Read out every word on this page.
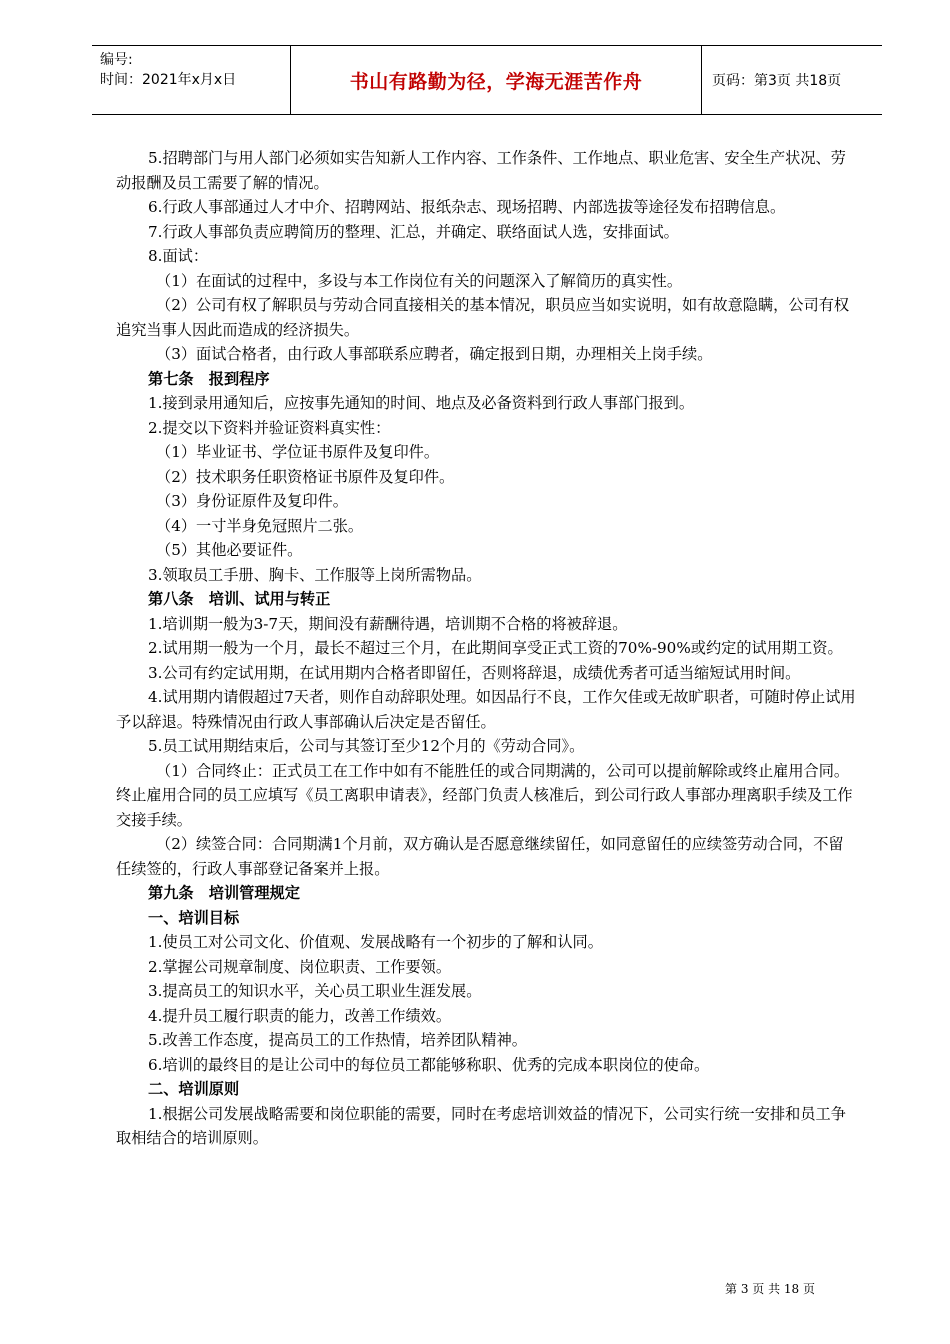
编号:
时间：2021年x月x日	书山有路勤为径，学海无涯苦作舟	页码：第3页 共18页

5.招聘部门与用人部门必须如实告知新人工作内容、工作条件、工作地点、职业危害、安全生产状况、劳动报酬及员工需要了解的情况。

6.行政人事部通过人才中介、招聘网站、报纸杂志、现场招聘、内部选拔等途径发布招聘信息。

7.行政人事部负责应聘简历的整理、汇总，并确定、联络面试人选，安排面试。

8.面试：

（1）在面试的过程中，多设与本工作岗位有关的问题深入了解简历的真实性。

（2）公司有权了解职员与劳动合同直接相关的基本情况，职员应当如实说明，如有故意隐瞒，公司有权追究当事人因此而造成的经济损失。

（3）面试合格者，由行政人事部联系应聘者，确定报到日期，办理相关上岗手续。

第七条　报到程序

1.接到录用通知后，应按事先通知的时间、地点及必备资料到行政人事部门报到。

2.提交以下资料并验证资料真实性：

（1）毕业证书、学位证书原件及复印件。

（2）技术职务任职资格证书原件及复印件。

（3）身份证原件及复印件。

（4）一寸半身免冠照片二张。

（5）其他必要证件。

3.领取员工手册、胸卡、工作服等上岗所需物品。

第八条　培训、试用与转正

1.培训期一般为3-7天，期间没有薪酬待遇，培训期不合格的将被辞退。

2.试用期一般为一个月，最长不超过三个月，在此期间享受正式工资的70%-90%或约定的试用期工资。

3.公司有约定试用期，在试用期内合格者即留任，否则将辞退，成绩优秀者可适当缩短试用时间。

4.试用期内请假超过7天者，则作自动辞职处理。如因品行不良，工作欠佳或无故旷职者，可随时停止试用予以辞退。特殊情况由行政人事部确认后决定是否留任。

5.员工试用期结束后，公司与其签订至少12个月的《劳动合同》。

（1）合同终止：正式员工在工作中如有不能胜任的或合同期满的，公司可以提前解除或终止雇用合同。终止雇用合同的员工应填写《员工离职申请表》，经部门负责人核准后，到公司行政人事部办理离职手续及工作交接手续。

（2）续签合同：合同期满1个月前，双方确认是否愿意继续留任，如同意留任的应续签劳动合同，不留任续签的，行政人事部登记备案并上报。

第九条　培训管理规定

一、培训目标

1.使员工对公司文化、价值观、发展战略有一个初步的了解和认同。

2.掌握公司规章制度、岗位职责、工作要领。

3.提高员工的知识水平，关心员工职业生涯发展。

4.提升员工履行职责的能力，改善工作绩效。

5.改善工作态度，提高员工的工作热情，培养团队精神。

6.培训的最终目的是让公司中的每位员工都能够称职、优秀的完成本职岗位的使命。

二、培训原则

1.根据公司发展战略需要和岗位职能的需要，同时在考虑培训效益的情况下，公司实行统一安排和员工争取相结合的培训原则。

第 3 页 共 18 页
